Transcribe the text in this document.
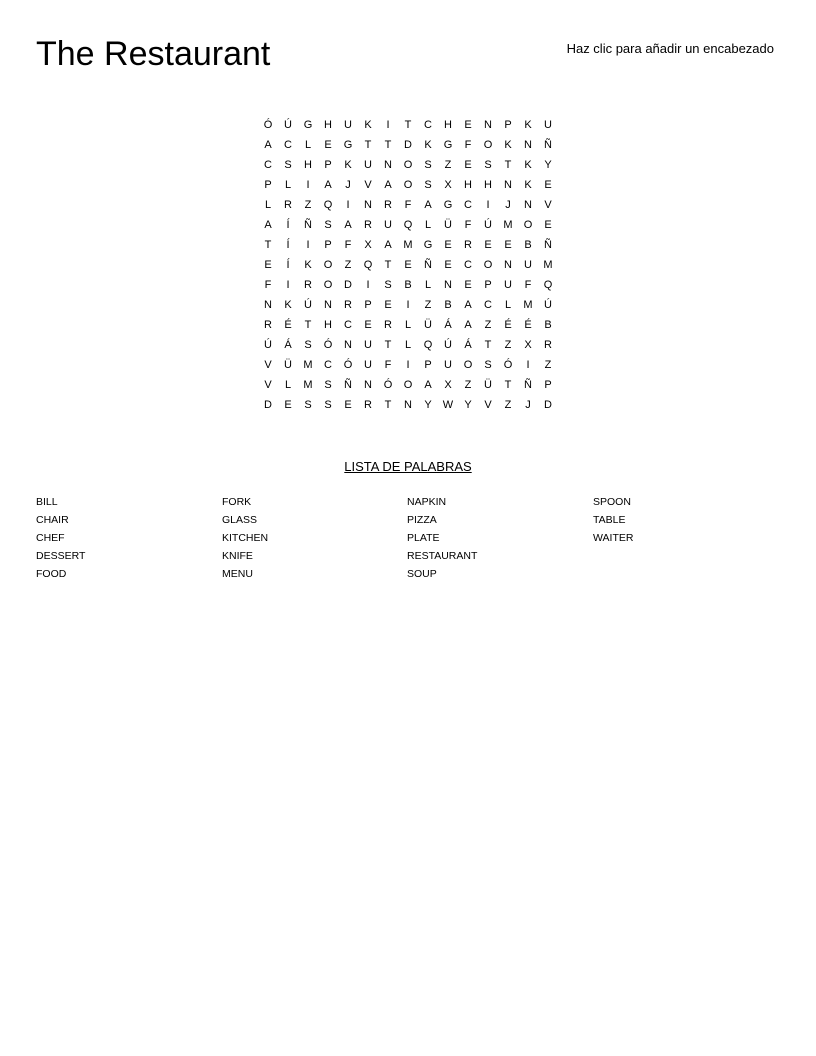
The Restaurant	Haz clic para añadir un encabezado
Ó	Ú	G	H	U	K	I	T	C	H	E	N	P	K	U
A	C	L	E	G	T	T	D	K	G	F	O	K	N	Ñ
C	S	H	P	K	U	N	O	S	Z	E	S	T	K	Y
P	L	I	A	J	V	A	O	S	X	H	H	N	K	E
L	R	Z	Q	I	N	R	F	A	G	C	I	J	N	V
A	Í	Ñ	S	A	R	U	Q	L	Ü	F	Ú	M	O	E
T	Í	I	P	F	X	A	M	G	E	R	E	E	B	Ñ
E	Í	K	O	Z	Q	T	E	Ñ	E	C	O	N	U	M
F	I	R	O	D	I	S	B	L	N	E	P	U	F	Q
N	K	Ú	N	R	P	E	I	Z	B	A	C	L	M	Ú
R	É	T	H	C	E	R	L	Ü	Á	A	Z	É	É	B
Ú	Á	S	Ó	N	U	T	L	Q	Ú	Á	T	Z	X	R
V	Ü	M	C	Ó	U	F	I	P	U	O	S	Ó	I	Z
V	L	M	S	Ñ	N	Ó	O	A	X	Z	Ü	T	Ñ	P
D	E	S	S	E	R	T	N	Y	W	Y	V	Z	J	D
LISTA DE PALABRAS
BILL
CHAIR
CHEF
DESSERT
FOOD
FORK
GLASS
KITCHEN
KNIFE
MENU
NAPKIN
PIZZA
PLATE
RESTAURANT
SOUP
SPOON
TABLE
WAITER
